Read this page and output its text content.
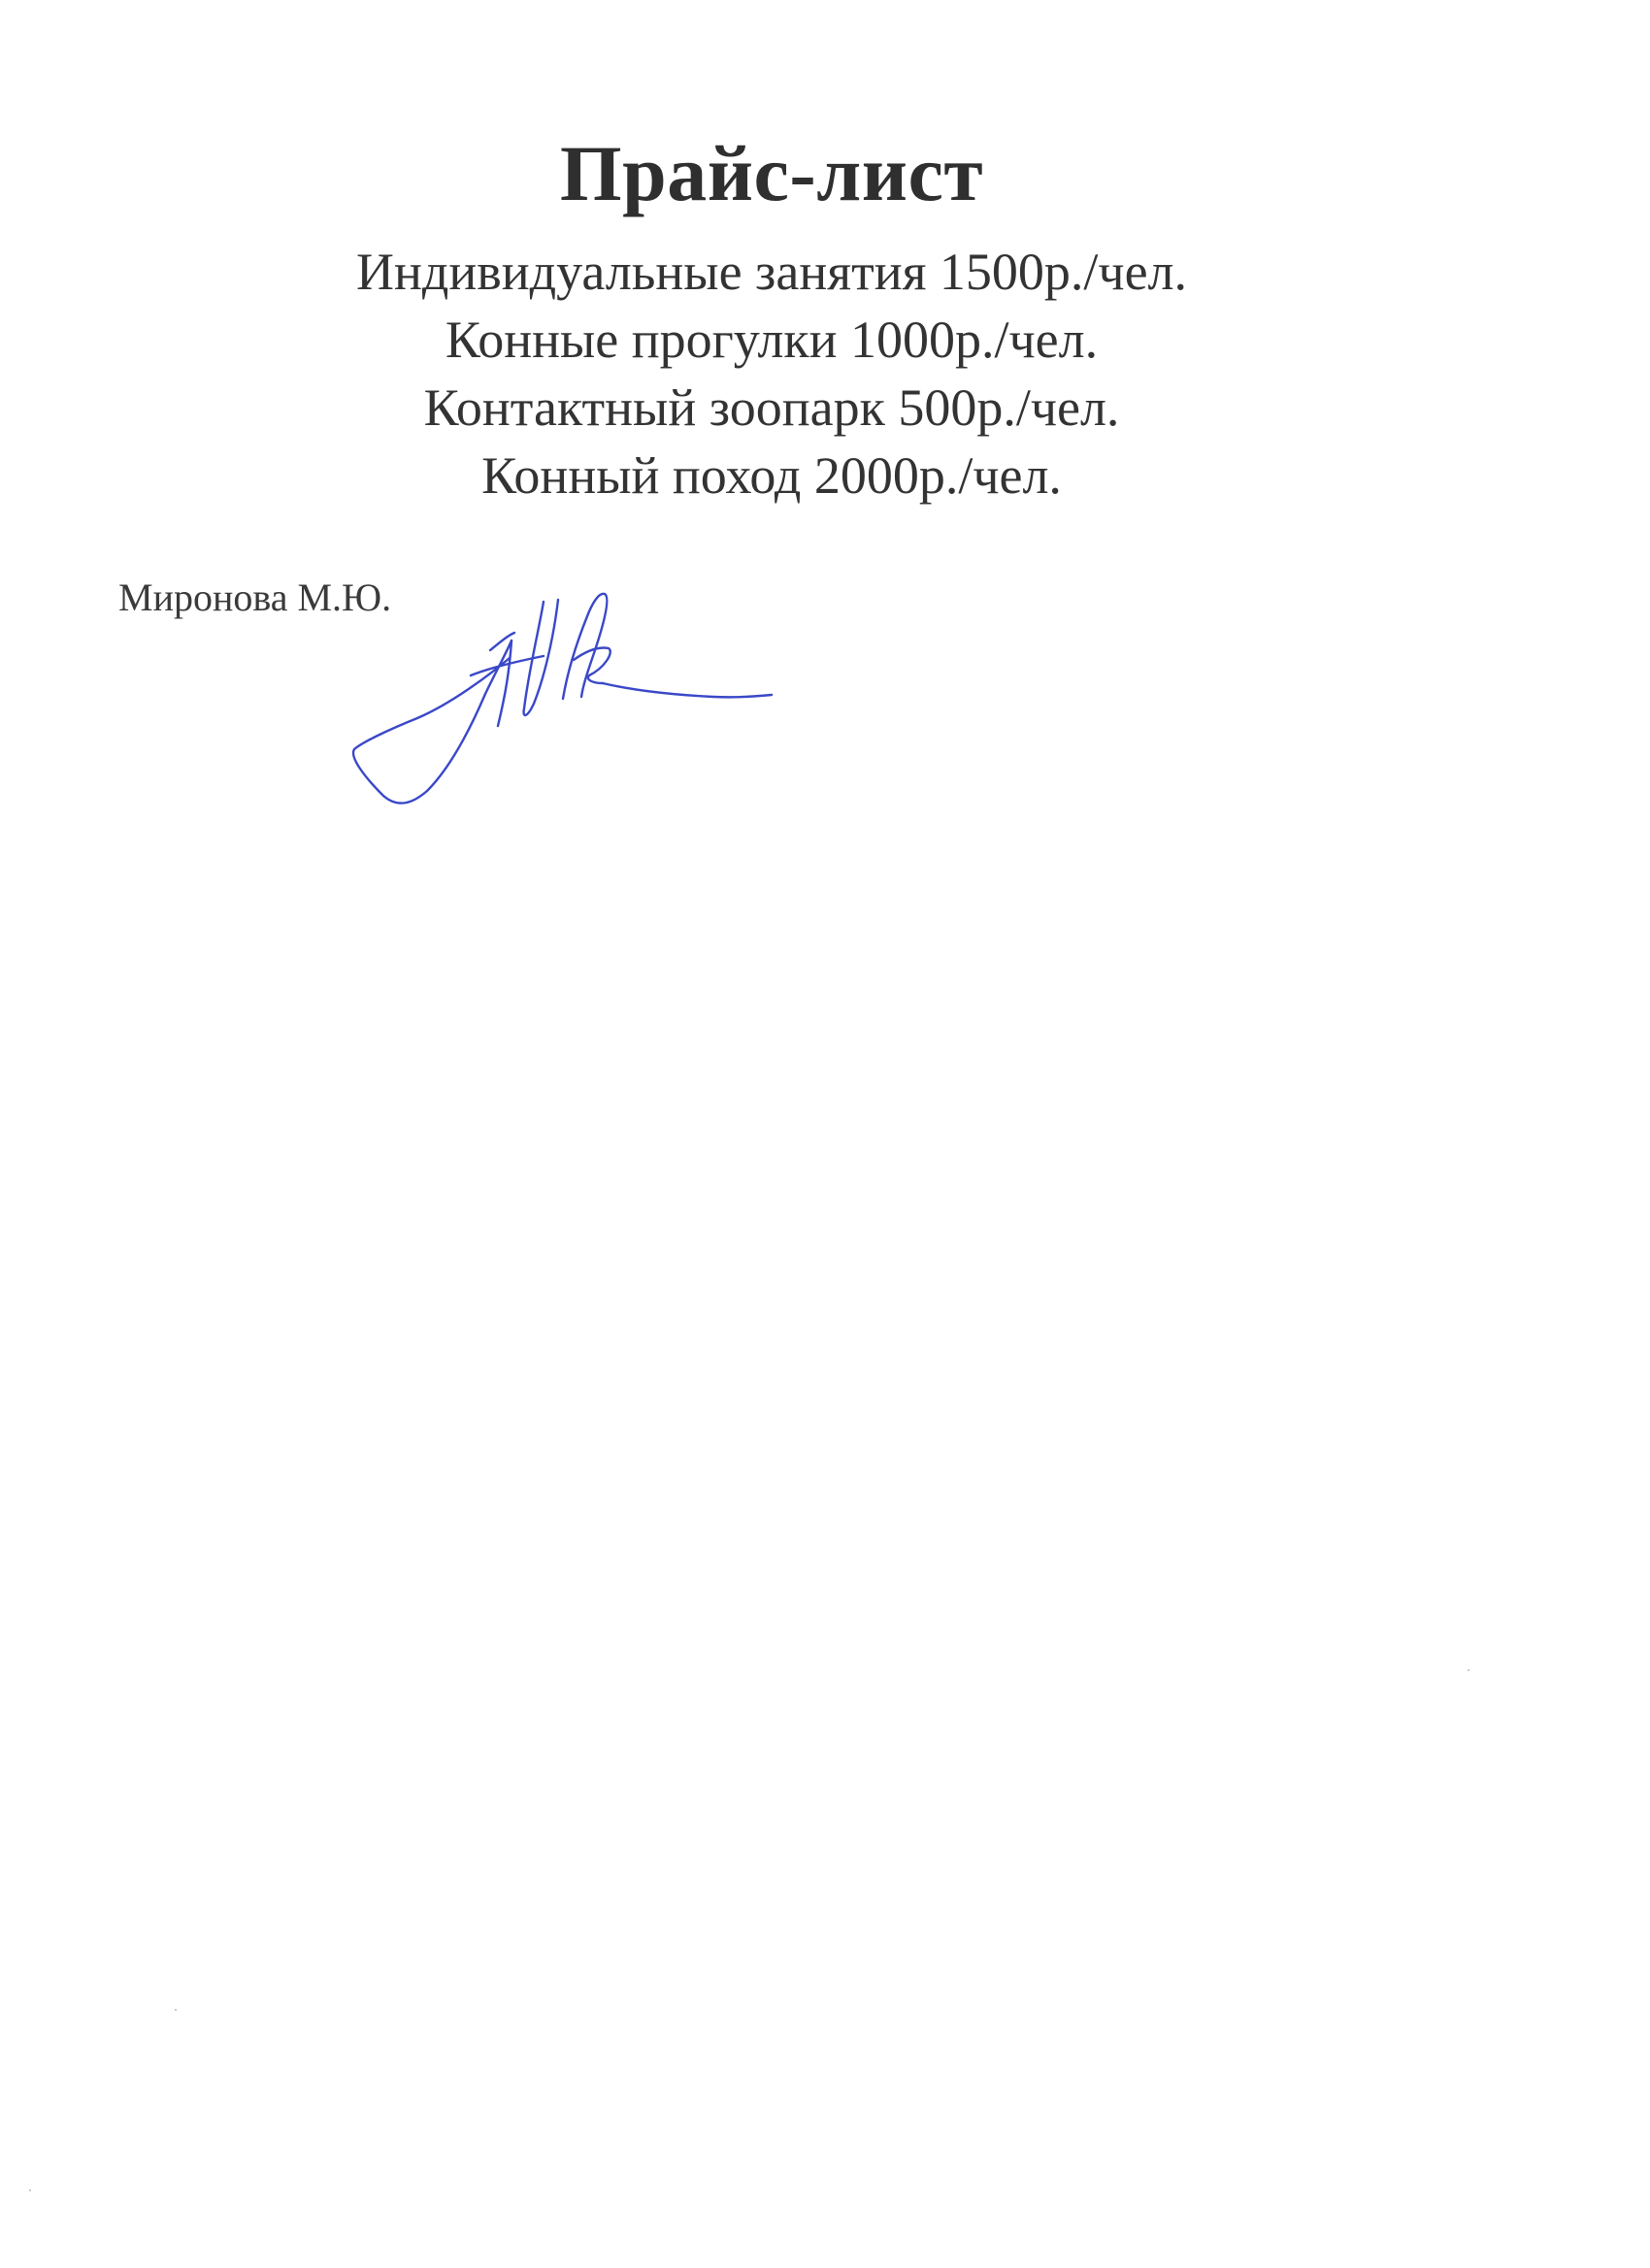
Прайс-лист
Индивидуальные занятия 1500р./чел.
Конные прогулки 1000р./чел.
Контактный зоопарк 500р./чел.
Конный поход 2000р./чел.
Миронова М.Ю.
